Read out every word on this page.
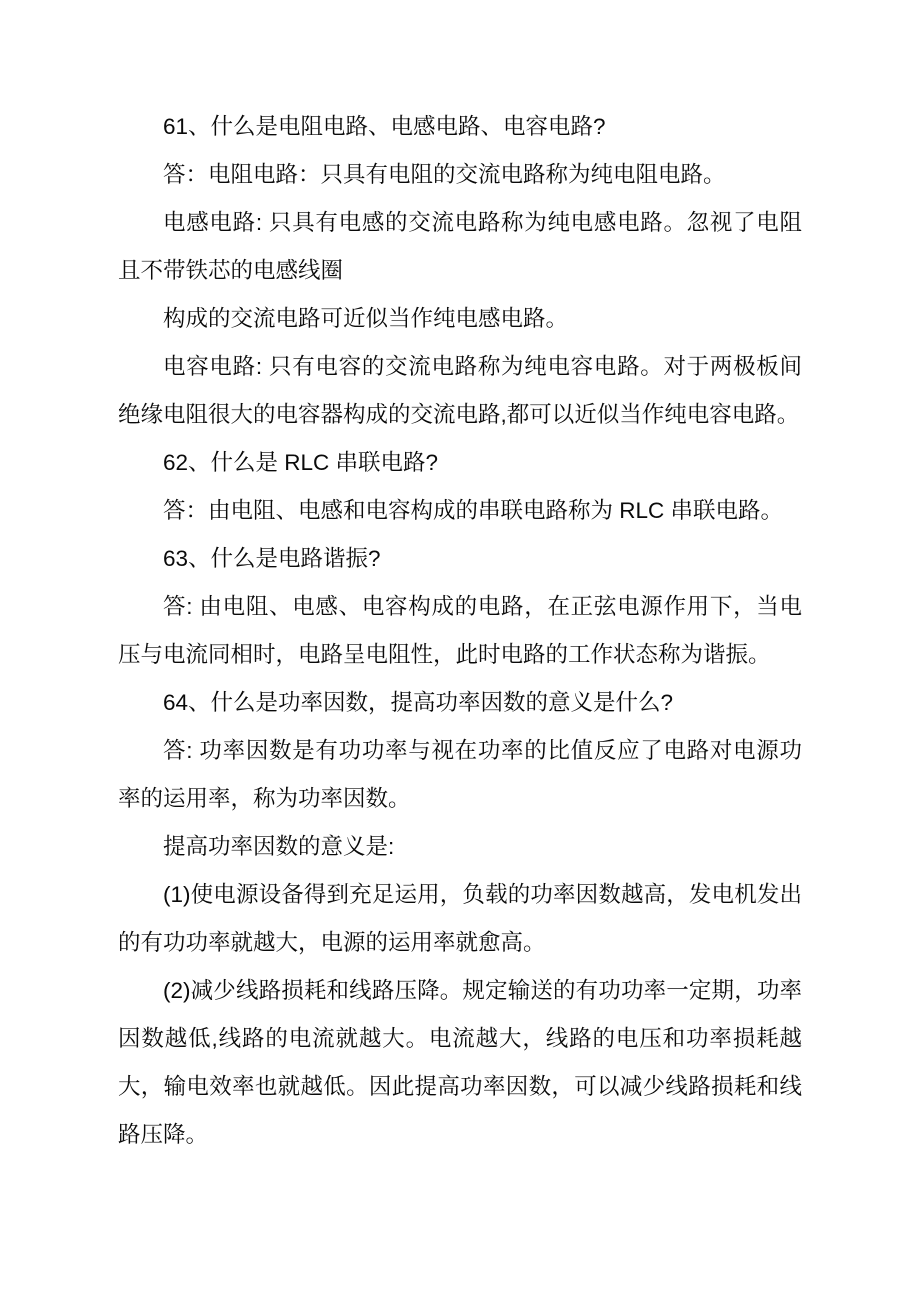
61、什么是电阻电路、电感电路、电容电路?

答：电阻电路：只具有电阻的交流电路称为纯电阻电路。

电感电路: 只具有电感的交流电路称为纯电感电路。忽视了电阻且不带铁芯的电感线圈

构成的交流电路可近似当作纯电感电路。

电容电路: 只有电容的交流电路称为纯电容电路。对于两极板间绝缘电阻很大的电容器构成的交流电路,都可以近似当作纯电容电路。

62、什么是 RLC 串联电路?

答：由电阻、电感和电容构成的串联电路称为 RLC 串联电路。

63、什么是电路谐振?

答: 由电阻、电感、电容构成的电路，在正弦电源作用下，当电压与电流同相时，电路呈电阻性，此时电路的工作状态称为谐振。

64、什么是功率因数，提高功率因数的意义是什么?

答: 功率因数是有功功率与视在功率的比值反应了电路对电源功率的运用率，称为功率因数。

提高功率因数的意义是:

(1)使电源设备得到充足运用，负载的功率因数越高，发电机发出的有功功率就越大，电源的运用率就愈高。

(2)减少线路损耗和线路压降。规定输送的有功功率一定期，功率因数越低,线路的电流就越大。电流越大，线路的电压和功率损耗越大，输电效率也就越低。因此提高功率因数，可以减少线路损耗和线路压降。
